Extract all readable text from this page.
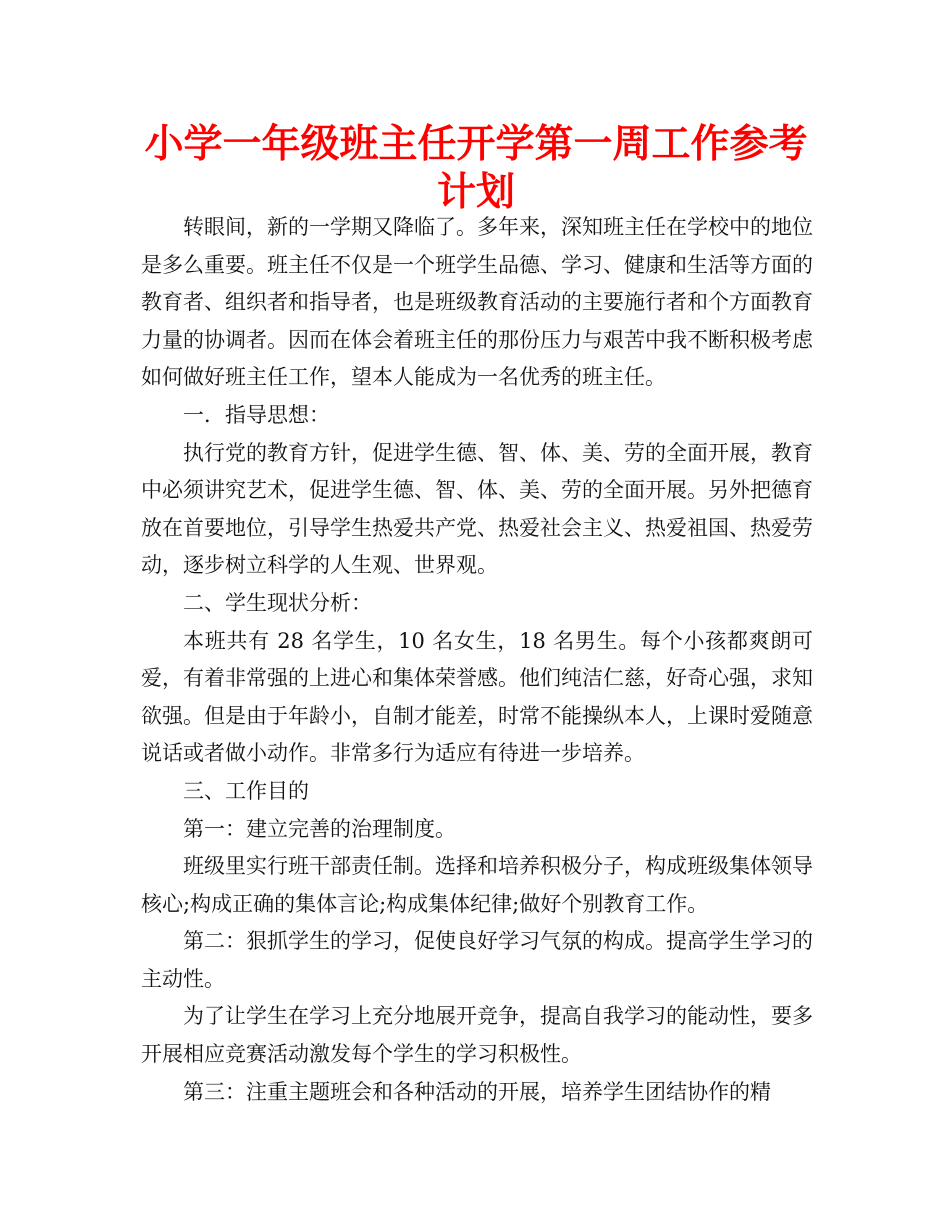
小学一年级班主任开学第一周工作参考计划

转眼间，新的一学期又降临了。多年来，深知班主任在学校中的地位是多么重要。班主任不仅是一个班学生品德、学习、健康和生活等方面的教育者、组织者和指导者，也是班级教育活动的主要施行者和个方面教育力量的协调者。因而在体会着班主任的那份压力与艰苦中我不断积极考虑如何做好班主任工作，望本人能成为一名优秀的班主任。

一．指导思想：

执行党的教育方针，促进学生德、智、体、美、劳的全面开展，教育中必须讲究艺术，促进学生德、智、体、美、劳的全面开展。另外把德育放在首要地位，引导学生热爱共产党、热爱社会主义、热爱祖国、热爱劳动，逐步树立科学的人生观、世界观。

二、学生现状分析：

本班共有 28 名学生，10 名女生，18 名男生。每个小孩都爽朗可爱，有着非常强的上进心和集体荣誉感。他们纯洁仁慈，好奇心强，求知欲强。但是由于年龄小，自制才能差，时常不能操纵本人，上课时爱随意说话或者做小动作。非常多行为适应有待进一步培养。

三、工作目的

第一：建立完善的治理制度。

班级里实行班干部责任制。选择和培养积极分子，构成班级集体领导核心;构成正确的集体言论;构成集体纪律;做好个别教育工作。

第二：狠抓学生的学习，促使良好学习气氛的构成。提高学生学习的主动性。

为了让学生在学习上充分地展开竞争，提高自我学习的能动性，要多开展相应竞赛活动激发每个学生的学习积极性。

第三：注重主题班会和各种活动的开展，培养学生团结协作的精
